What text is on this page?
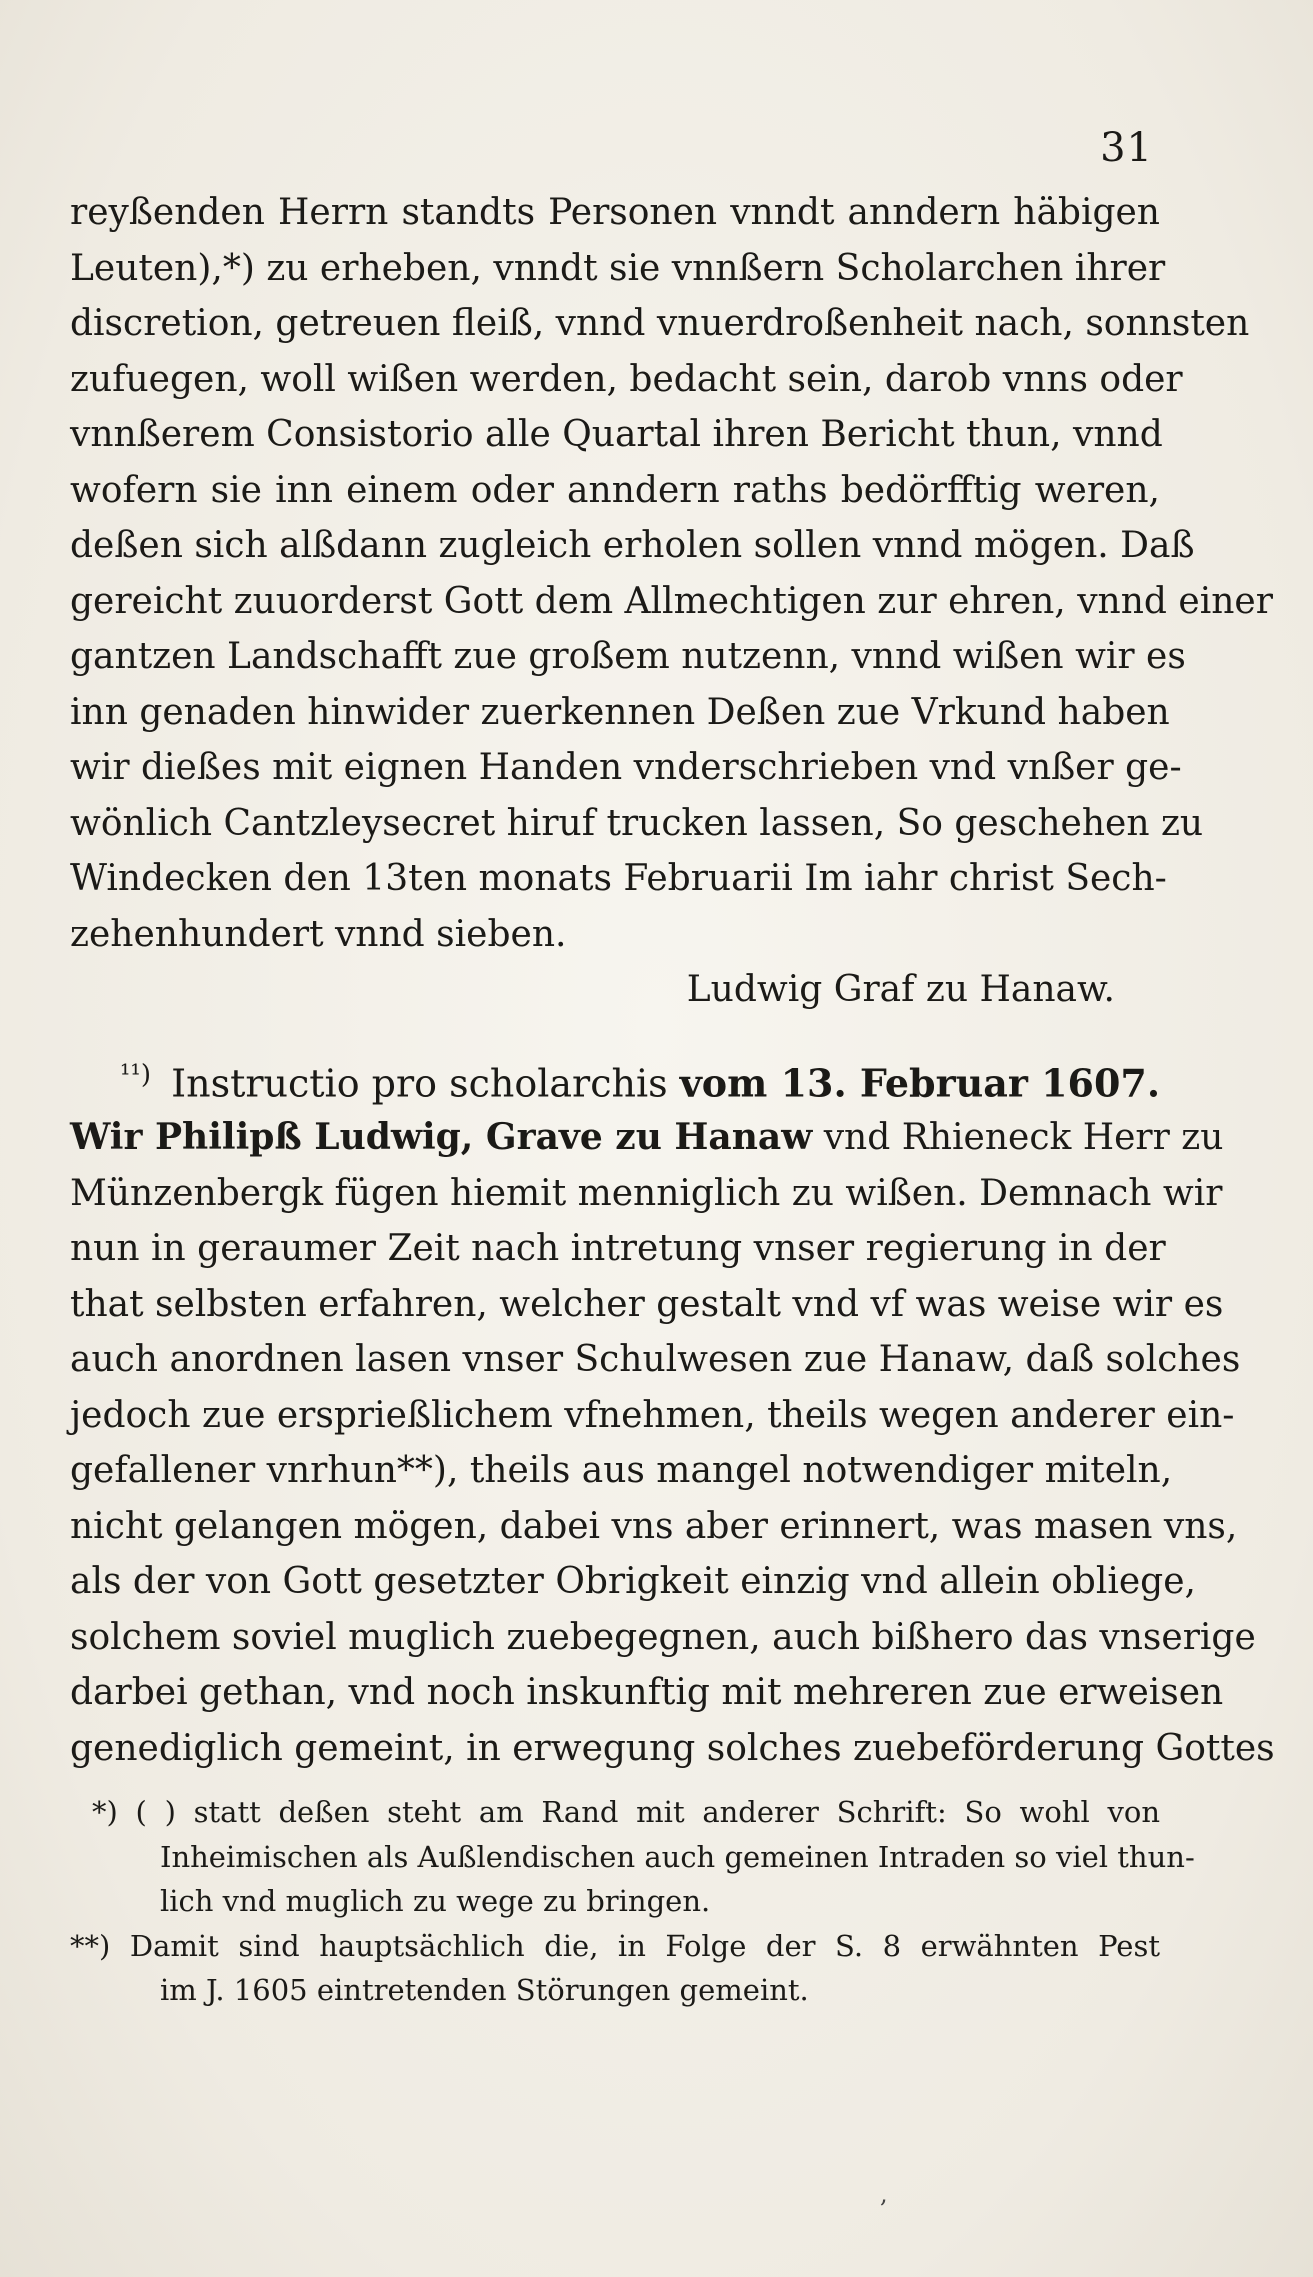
31
reyßenden Herrn standts Personen vnndt anndern häbigen
Leuten),*) zu erheben, vnndt sie vnnßern Scholarchen ihrer
discretion, getreuen fleiß, vnnd vnuerdroßenheit nach, sonnsten
zufuegen, woll wißen werden, bedacht sein, darob vnns oder
vnnßerem Consistorio alle Quartal ihren Bericht thun, vnnd
wofern sie inn einem oder anndern raths bedörfftig weren,
deßen sich alßdann zugleich erholen sollen vnnd mögen. Daß
gereicht zuuorderst Gott dem Allmechtigen zur ehren, vnnd einer
gantzen Landschafft zue großem nutzenn, vnnd wißen wir es
inn genaden hinwider zuerkennen Deßen zue Vrkund haben
wir dießes mit eignen Handen vnderschrieben vnd vnßer ge-
wönlich Cantzleysecret hiruf trucken lassen, So geschehen zu
Windecken den 13ten monats Februarii Im iahr christ Sech-
zehenhundert vnnd sieben.
Ludwig Graf zu Hanaw.
$^{^{11})}$ Instructio pro scholarchis vom 13. Februar 1607.
Wir Philipß Ludwig, Grave zu Hanaw vnd Rhieneck Herr zu
Münzenbergk fügen hiemit menniglich zu wißen. Demnach wir
nun in geraumer Zeit nach intretung vnser regierung in der
that selbsten erfahren, welcher gestalt vnd vf was weise wir es
auch anordnen lasen vnser Schulwesen zue Hanaw, daß solches
jedoch zue ersprießlichem vfnehmen, theils wegen anderer ein-
gefallener vnrhun**), theils aus mangel notwendiger miteln,
nicht gelangen mögen, dabei vns aber erinnert, was masen vns,
als der von Gott gesetzter Obrigkeit einzig vnd allein obliege,
solchem soviel muglich zuebegegnen, auch bißhero das vnserige
darbei gethan, vnd noch inskunftig mit mehreren zue erweisen
genediglich gemeint, in erwegung solches zuebeförderung Gottes
*) ( ) statt deßen steht am Rand mit anderer Schrift: So wohl von
Inheimischen als Außlendischen auch gemeinen Intraden so viel thun-
lich vnd muglich zu wege zu bringen.
**) Damit sind hauptsächlich die, in Folge der S. 8 erwähnten Pest
im J. 1605 eintretenden Störungen gemeint.
,
